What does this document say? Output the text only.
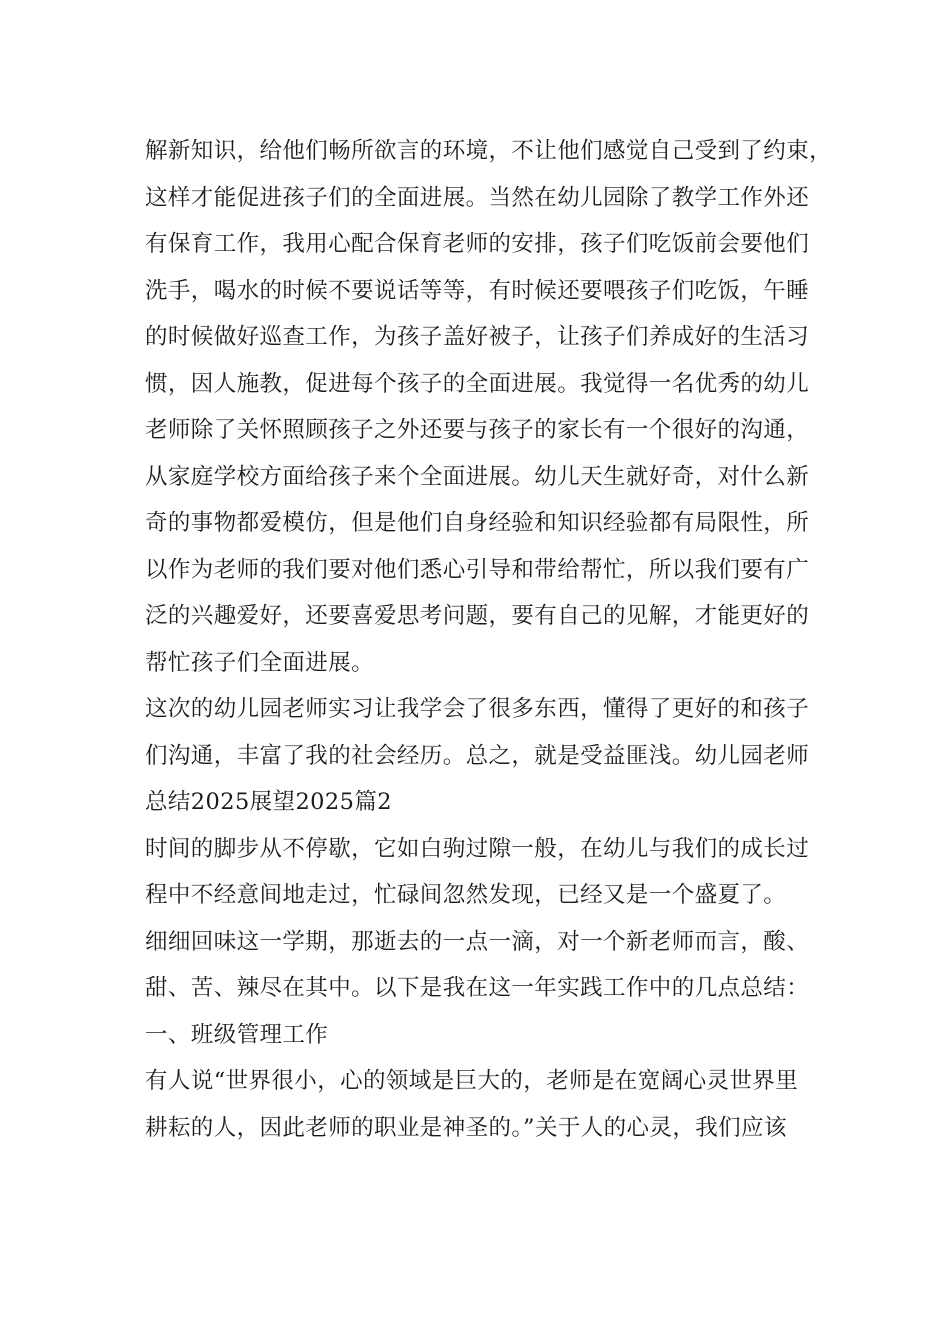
解新知识，给他们畅所欲言的环境，不让他们感觉自己受到了约束，
这样才能促进孩子们的全面进展。当然在幼儿园除了教学工作外还
有保育工作，我用心配合保育老师的安排，孩子们吃饭前会要他们
洗手，喝水的时候不要说话等等，有时候还要喂孩子们吃饭，午睡
的时候做好巡查工作，为孩子盖好被子，让孩子们养成好的生活习
惯，因人施教，促进每个孩子的全面进展。我觉得一名优秀的幼儿
老师除了关怀照顾孩子之外还要与孩子的家长有一个很好的沟通，
从家庭学校方面给孩子来个全面进展。幼儿天生就好奇，对什么新
奇的事物都爱模仿，但是他们自身经验和知识经验都有局限性，所
以作为老师的我们要对他们悉心引导和带给帮忙，所以我们要有广
泛的兴趣爱好，还要喜爱思考问题，要有自己的见解，才能更好的
帮忙孩子们全面进展。
这次的幼儿园老师实习让我学会了很多东西，懂得了更好的和孩子
们沟通，丰富了我的社会经历。总之，就是受益匪浅。幼儿园老师
总结2025展望2025篇2
时间的脚步从不停歇，它如白驹过隙一般，在幼儿与我们的成长过
程中不经意间地走过，忙碌间忽然发现，已经又是一个盛夏了。
细细回味这一学期，那逝去的一点一滴，对一个新老师而言，酸、
甜、苦、辣尽在其中。以下是我在这一年实践工作中的几点总结：
一、班级管理工作
有人说“世界很小，心的领域是巨大的，老师是在宽阔心灵世界里
耕耘的人，因此老师的职业是神圣的。”关于人的心灵，我们应该
